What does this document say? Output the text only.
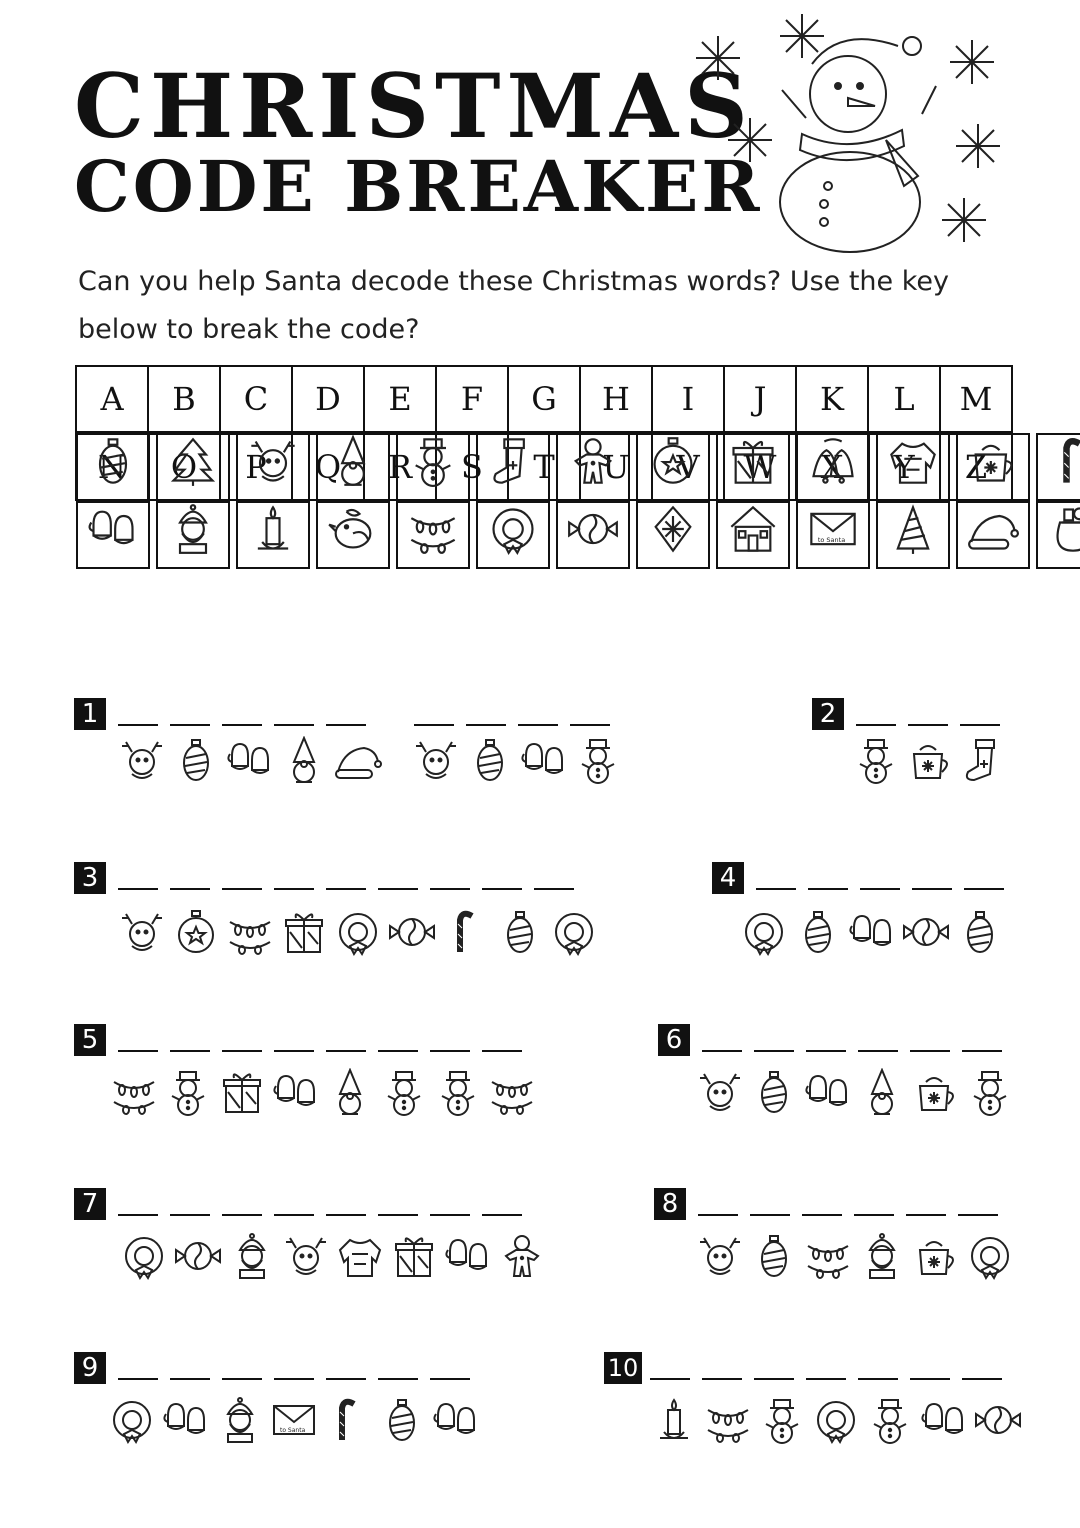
CHRISTMAS
CODE BREAKER
Can you help Santa decode these Christmas words? Use the key below to break the code?
A	B	C	D	E	F	G	H	I	J	K	L	M

N	O	P	Q	R	S	T	U	V	W	X	Y	Z

to Santa
1	2
3	4
5	6
7	8
9
to Santa
10
